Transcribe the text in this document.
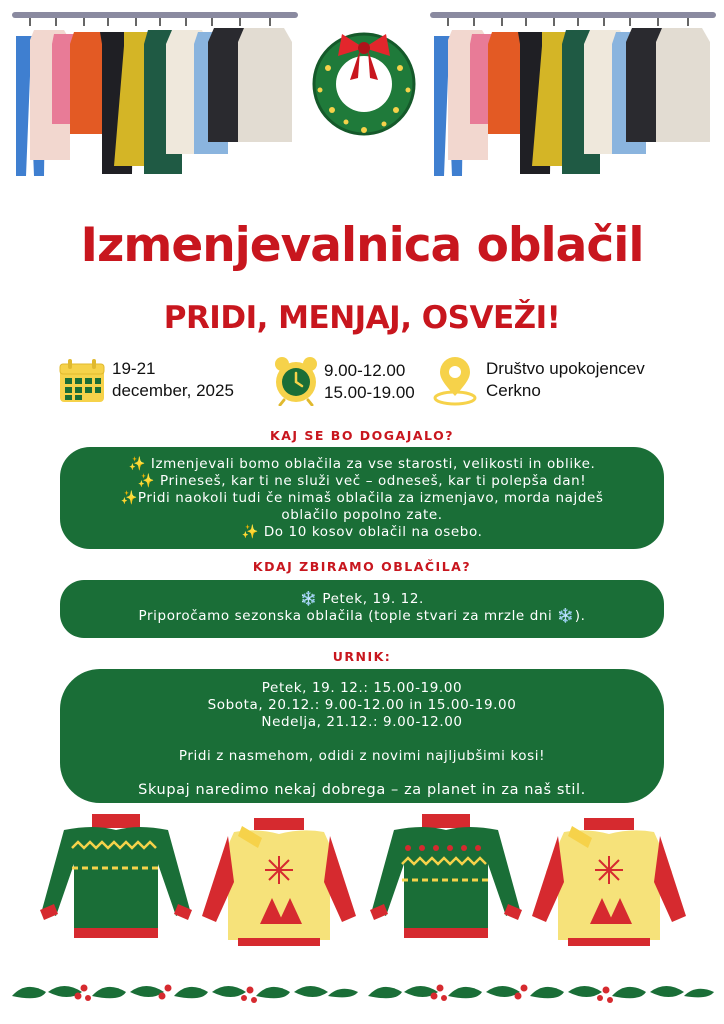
Izmenjevalnica oblačil
PRIDI, MENJAJ, OSVEŽI!
19-21
december, 2025
9.00-12.00
15.00-19.00
Društvo upokojencev
Cerkno
KAJ SE BO DOGAJALO?
✨ Izmenjevali bomo oblačila za vse starosti, velikosti in oblike.
✨ Prineseš, kar ti ne služi več – odneseš, kar ti polepša dan!
✨Pridi naokoli tudi če nimaš oblačila za izmenjavo, morda najdeš
oblačilo popolno zate.
✨ Do 10 kosov oblačil na osebo.
KDAJ ZBIRAMO OBLAČILA?
❄️ Petek, 19. 12.
Priporočamo sezonska oblačila (tople stvari za mrzle dni ❄️).
URNIK:
Petek, 19. 12.: 15.00-19.00
Sobota, 20.12.: 9.00-12.00 in 15.00-19.00
Nedelja, 21.12.: 9.00-12.00
Pridi z nasmehom, odidi z novimi najljubšimi kosi!
Skupaj naredimo nekaj dobrega – za planet in za naš stil.
